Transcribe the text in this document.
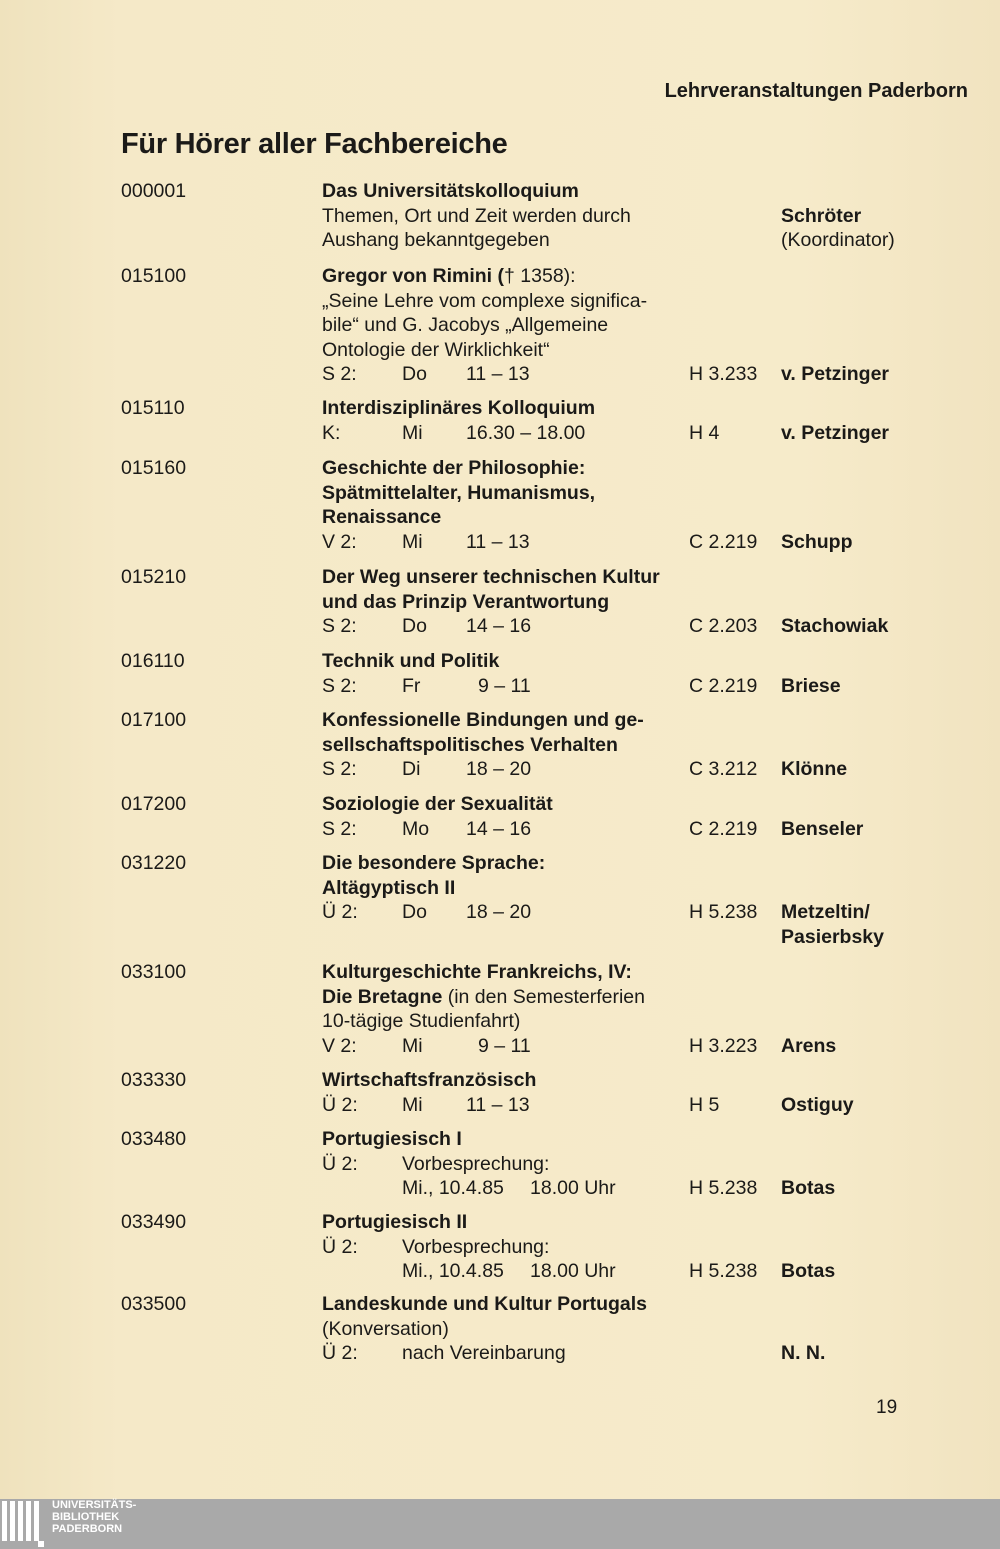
Lehrveranstaltungen Paderborn
Für Hörer aller Fachbereiche
000001	Das Universitätskolloquium
Themen, Ort und Zeit werden durch
Aushang bekanntgegeben
Schröter
(Koordinator)
015100	Gregor von Rimini († 1358):
„Seine Lehre vom complexe significa-
bile“ und G. Jacobys „Allgemeine
Ontologie der Wirklichkeit“
S 2: Do 11 – 13	H 3.233 v. Petzinger
015110	Interdisziplinäres Kolloquium
K:	Mi 16.30 – 18.00	H 4	v. Petzinger
015160	Geschichte der Philosophie:
Spätmittelalter, Humanismus,
Renaissance
V 2: Mi 11 – 13	C 2.219 Schupp
015210	Der Weg unserer technischen Kultur
und das Prinzip Verantwortung
S 2: Do 14 – 16	C 2.203 Stachowiak
016110	Technik und Politik
S 2: Fr	9 – 11	C 2.219 Briese
017100	Konfessionelle Bindungen und ge-
sellschaftspolitisches Verhalten
S 2: Di 18 – 20	C 3.212 Klönne
017200	Soziologie der Sexualität
S 2: Mo 14 – 16	C 2.219 Benseler
031220	Die besondere Sprache:
Altägyptisch II
Ü 2: Do 18 – 20	H 5.238 Metzeltin/
Pasierbsky
033100	Kulturgeschichte Frankreichs, IV:
Die Bretagne (in den Semesterferien
10-tägige Studienfahrt)
V 2: Mi	9 – 11	H 3.223 Arens
033330	Wirtschaftsfranzösisch
Ü 2: Mi 11 – 13	H 5	Ostiguy
033480	Portugiesisch I
Ü 2: Vorbesprechung:
Mi., 10.4.85 18.00 Uhr	H 5.238 Botas
033490	Portugiesisch II
Ü 2: Vorbesprechung:
Mi., 10.4.85 18.00 Uhr	H 5.238 Botas
033500	Landeskunde und Kultur Portugals
(Konversation)
Ü 2: nach Vereinbarung	N. N.
19
UNIVERSITÄTS-
BIBLIOTHEK
PADERBORN
